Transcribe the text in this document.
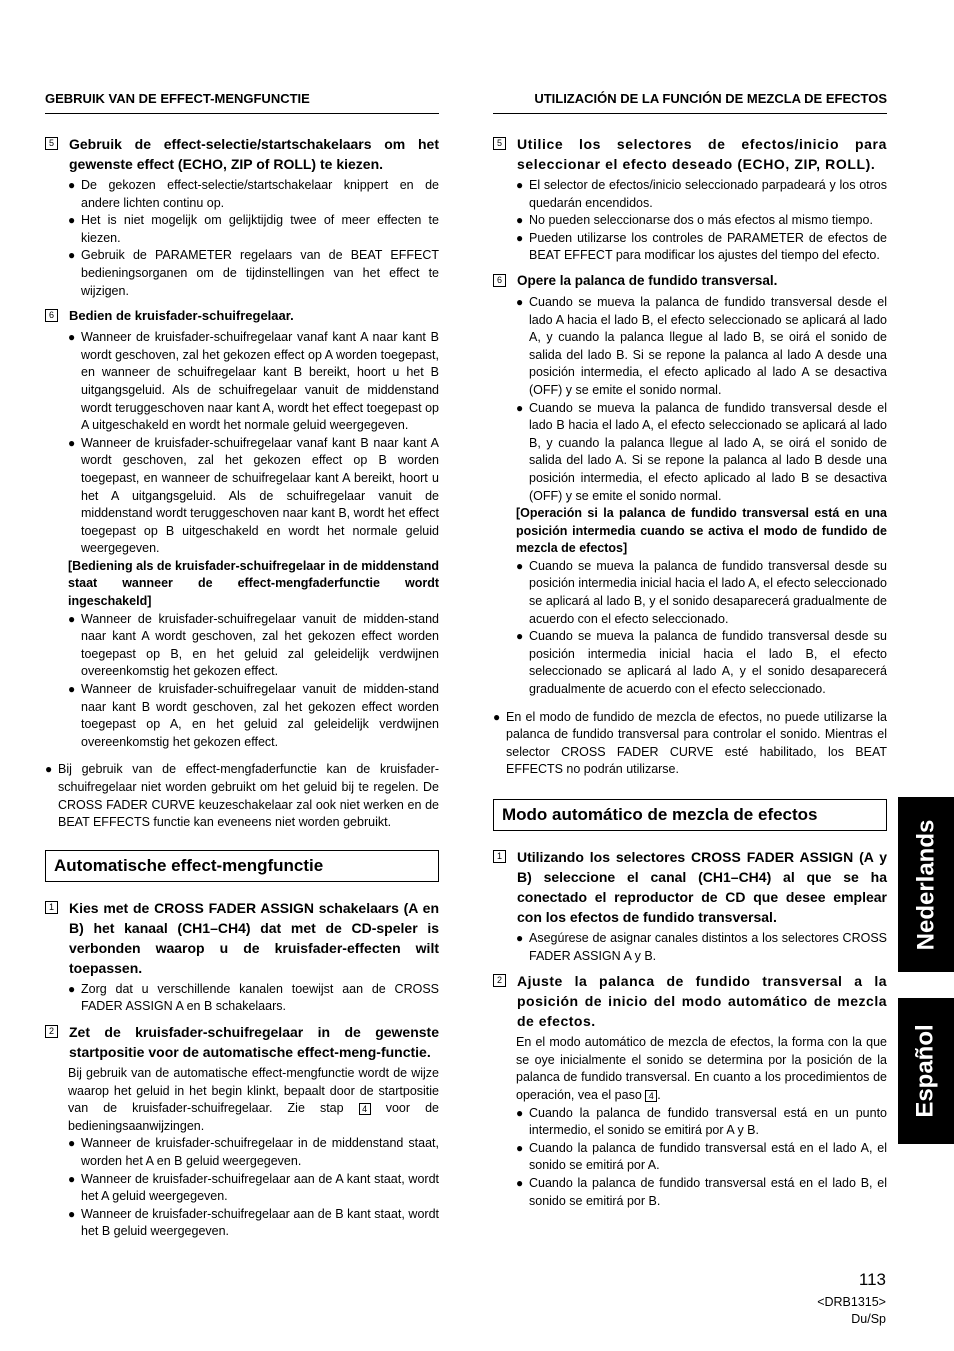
GEBRUIK VAN DE EFFECT-MENGFUNCTIE
5 Gebruik de effect-selectie/startschakelaars om het gewenste effect (ECHO, ZIP of ROLL) te kiezen.
● De gekozen effect-selectie/startschakelaar knippert en de andere lichten continu op.
● Het is niet mogelijk om gelijktijdig twee of meer effecten te kiezen.
● Gebruik de PARAMETER regelaars van de BEAT EFFECT bedieningsorganen om de tijdinstellingen van het effect te wijzigen.
6	Bedien de kruisfader-schuifregelaar.
● Wanneer de kruisfader-schuifregelaar vanaf kant A naar kant B wordt geschoven, zal het gekozen effect op A worden toegepast, en wanneer de schuifregelaar kant B bereikt, hoort u het B uitgangsgeluid. Als de schuifregelaar vanuit de middenstand wordt teruggeschoven naar kant A, wordt het effect toegepast op A uitgeschakeld en wordt het normale geluid weergegeven.
● Wanneer de kruisfader-schuifregelaar vanaf kant B naar kant A wordt geschoven, zal het gekozen effect op B worden toegepast, en wanneer de schuifregelaar kant A bereikt, hoort u het A uitgangsgeluid. Als de schuifregelaar vanuit de middenstand wordt teruggeschoven naar kant B, wordt het effect toegepast op B uitgeschakeld en wordt het normale geluid weergegeven.
[Bediening als de kruisfader-schuifregelaar in de middenstand staat wanneer de effect-mengfaderfunctie wordt ingeschakeld]
● Wanneer de kruisfader-schuifregelaar vanuit de midden-stand naar kant A wordt geschoven, zal het gekozen effect worden toegepast op B, en het geluid zal geleidelijk verdwijnen overeenkomstig het gekozen effect.
● Wanneer de kruisfader-schuifregelaar vanuit de midden-stand naar kant B wordt geschoven, zal het gekozen effect worden toegepast op A, en het geluid zal geleidelijk verdwijnen overeenkomstig het gekozen effect.
● Bij gebruik van de effect-mengfaderfunctie kan de kruisfader-schuifregelaar niet worden gebruikt om het geluid bij te regelen. De CROSS FADER CURVE keuzeschakelaar zal ook niet werken en de BEAT EFFECTS functie kan eveneens niet worden gebruikt.
Automatische effect-mengfunctie
1 Kies met de CROSS FADER ASSIGN schakelaars (A en B) het kanaal (CH1–CH4) dat met de CD-speler is verbonden waarop u de kruisfader-effecten wilt toepassen.
● Zorg dat u verschillende kanalen toewijst aan de CROSS FADER ASSIGN A en B schakelaars.
2 Zet de kruisfader-schuifregelaar in de gewenste startpositie voor de automatische effect-meng-functie.
Bij gebruik van de automatische effect-mengfunctie wordt de wijze waarop het geluid in het begin klinkt, bepaalt door de startpositie van de kruisfader-schuifregelaar. Zie stap 4 voor de bedieningsaanwijzingen.
● Wanneer de kruisfader-schuifregelaar in de middenstand staat, worden het A en B geluid weergegeven.
● Wanneer de kruisfader-schuifregelaar aan de A kant staat, wordt het A geluid weergegeven.
● Wanneer de kruisfader-schuifregelaar aan de B kant staat, wordt het B geluid weergegeven.
UTILIZACIÓN DE LA FUNCIÓN DE MEZCLA DE EFECTOS
5 Utilice los selectores de efectos/inicio para seleccionar el efecto deseado (ECHO, ZIP, ROLL).
● El selector de efectos/inicio seleccionado parpadeará y los otros quedarán encendidos.
● No pueden seleccionarse dos o más efectos al mismo tiempo.
● Pueden utilizarse los controles de PARAMETER de efectos de BEAT EFFECT para modificar los ajustes del tiempo del efecto.
6 Opere la palanca de fundido transversal.
● Cuando se mueva la palanca de fundido transversal desde el lado A hacia el lado B, el efecto seleccionado se aplicará al lado A, y cuando la palanca llegue al lado B, se oirá el sonido de salida del lado B. Si se repone la palanca al lado A desde una posición intermedia, el efecto aplicado al lado A se desactiva (OFF) y se emite el sonido normal.
● Cuando se mueva la palanca de fundido transversal desde el lado B hacia el lado A, el efecto seleccionado se aplicará al lado B, y cuando la palanca llegue al lado A, se oirá el sonido de salida del lado A. Si se repone la palanca al lado B desde una posición intermedia, el efecto aplicado al lado B se desactiva (OFF) y se emite el sonido normal.
[Operación si la palanca de fundido transversal está en una posición intermedia cuando se activa el modo de fundido de mezcla de efectos]
● Cuando se mueva la palanca de fundido transversal desde su posición intermedia inicial hacia el lado A, el efecto seleccionado se aplicará al lado B, y el sonido desaparecerá gradualmente de acuerdo con el efecto seleccionado.
● Cuando se mueva la palanca de fundido transversal desde su posición intermedia inicial hacia el lado B, el efecto seleccionado se aplicará al lado A, y el sonido desaparecerá gradualmente de acuerdo con el efecto seleccionado.
● En el modo de fundido de mezcla de efectos, no puede utilizarse la palanca de fundido transversal para controlar el sonido. Mientras el selector CROSS FADER CURVE esté habilitado, los BEAT EFFECTS no podrán utilizarse.
Modo automático de mezcla de efectos
1 Utilizando los selectores CROSS FADER ASSIGN (A y B) seleccione el canal (CH1–CH4) al que se ha conectado el reproductor de CD que desee emplear con los efectos de fundido transversal.
● Asegúrese de asignar canales distintos a los selectores CROSS FADER ASSIGN A y B.
2 Ajuste la palanca de fundido transversal a la posición de inicio del modo automático de mezcla de efectos.
En el modo automático de mezcla de efectos, la forma con la que se oye inicialmente el sonido se determina por la posición de la palanca de fundido transversal. En cuanto a los procedimientos de operación, vea el paso 4 .
● Cuando la palanca de fundido transversal está en un punto intermedio, el sonido se emitirá por A y B.
● Cuando la palanca de fundido transversal está en el lado A, el sonido se emitirá por A.
● Cuando la palanca de fundido transversal está en el lado B, el sonido se emitirá por B.
Nederlands
Español
113
<DRB1315>
Du/Sp
